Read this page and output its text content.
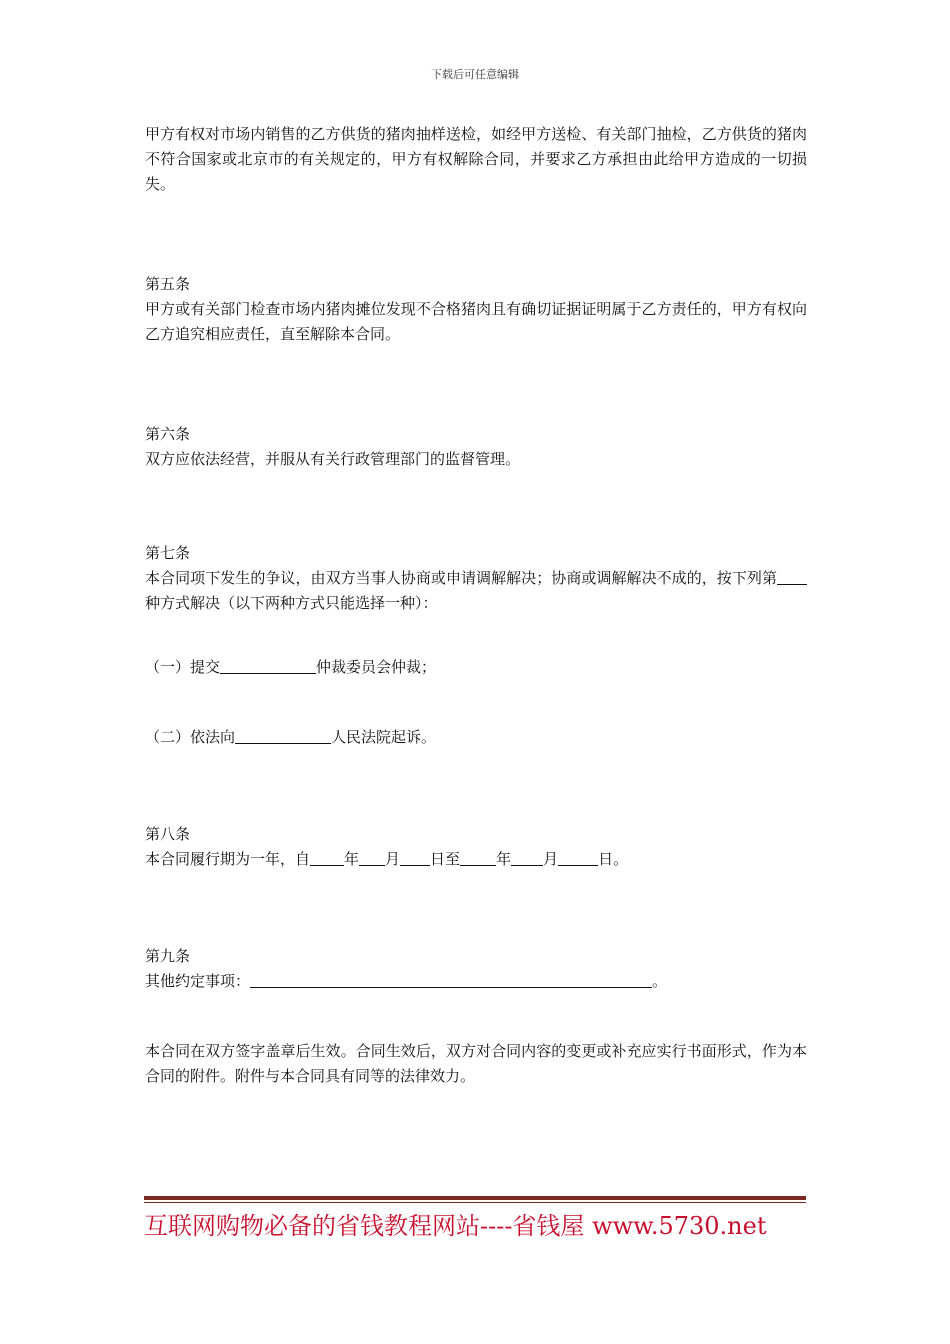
下载后可任意编辑

甲方有权对市场内销售的乙方供货的猪肉抽样送检，如经甲方送检、有关部门抽检，乙方供货的猪肉不符合国家或北京市的有关规定的，甲方有权解除合同，并要求乙方承担由此给甲方造成的一切损失。

第五条

甲方或有关部门检查市场内猪肉摊位发现不合格猪肉且有确切证据证明属于乙方责任的，甲方有权向乙方追究相应责任，直至解除本合同。

第六条

双方应依法经营，并服从有关行政管理部门的监督管理。

第七条

本合同项下发生的争议，由双方当事人协商或申请调解解决；协商或调解解决不成的，按下列第种方式解决（以下两种方式只能选择一种）：

（一）提交	仲裁委员会仲裁；

（二）依法向	人民法院起诉。

第八条

本合同履行期为一年，自 年 月 日至 年 月	日。

第九条

其他约定事项：	。

本合同在双方签字盖章后生效。合同生效后，双方对合同内容的变更或补充应实行书面形式，作为本合同的附件。附件与本合同具有同等的法律效力。

互联网购物必备的省钱教程网站----省钱屋 www.5730.net
